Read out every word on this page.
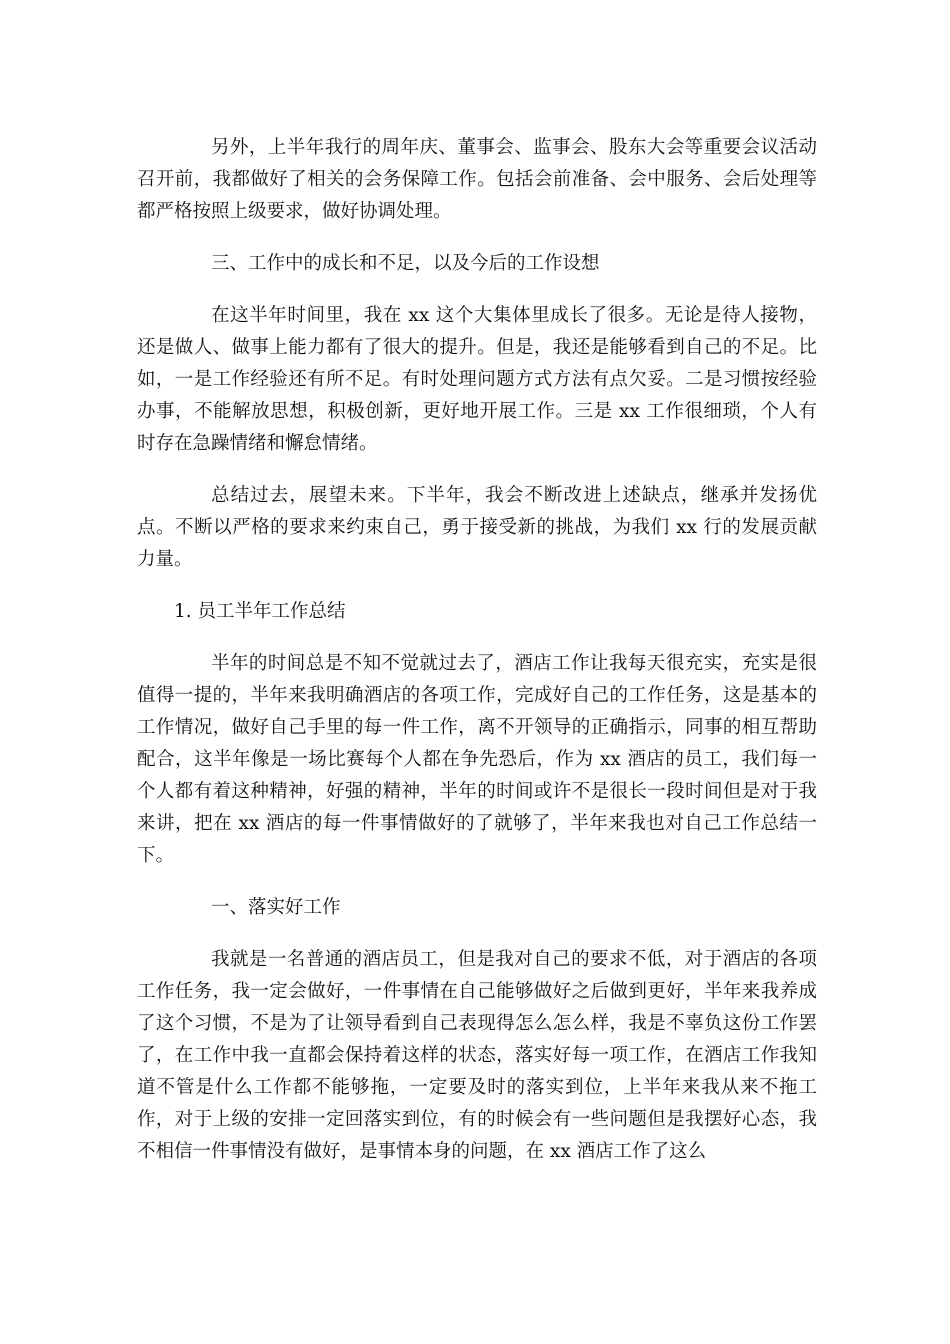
另外，上半年我行的周年庆、董事会、监事会、股东大会等重要会议活动召开前，我都做好了相关的会务保障工作。包括会前准备、会中服务、会后处理等都严格按照上级要求，做好协调处理。

三、工作中的成长和不足，以及今后的工作设想

在这半年时间里，我在 xx 这个大集体里成长了很多。无论是待人接物，还是做人、做事上能力都有了很大的提升。但是，我还是能够看到自己的不足。比如，一是工作经验还有所不足。有时处理问题方式方法有点欠妥。二是习惯按经验办事，不能解放思想，积极创新，更好地开展工作。三是 xx 工作很细琐，个人有时存在急躁情绪和懈怠情绪。

总结过去，展望未来。下半年，我会不断改进上述缺点，继承并发扬优点。不断以严格的要求来约束自己，勇于接受新的挑战，为我们 xx 行的发展贡献力量。

1. 员工半年工作总结

半年的时间总是不知不觉就过去了，酒店工作让我每天很充实，充实是很值得一提的，半年来我明确酒店的各项工作，完成好自己的工作任务，这是基本的工作情况，做好自己手里的每一件工作，离不开领导的正确指示，同事的相互帮助配合，这半年像是一场比赛每个人都在争先恐后，作为 xx 酒店的员工，我们每一个人都有着这种精神，好强的精神，半年的时间或许不是很长一段时间但是对于我来讲，把在 xx 酒店的每一件事情做好的了就够了，半年来我也对自己工作总结一下。

一、落实好工作

我就是一名普通的酒店员工，但是我对自己的要求不低，对于酒店的各项工作任务，我一定会做好，一件事情在自己能够做好之后做到更好，半年来我养成了这个习惯，不是为了让领导看到自己表现得怎么怎么样，我是不辜负这份工作罢了，在工作中我一直都会保持着这样的状态，落实好每一项工作，在酒店工作我知道不管是什么工作都不能够拖，一定要及时的落实到位，上半年来我从来不拖工作，对于上级的安排一定回落实到位，有的时候会有一些问题但是我摆好心态，我不相信一件事情没有做好，是事情本身的问题，在 xx 酒店工作了这么
